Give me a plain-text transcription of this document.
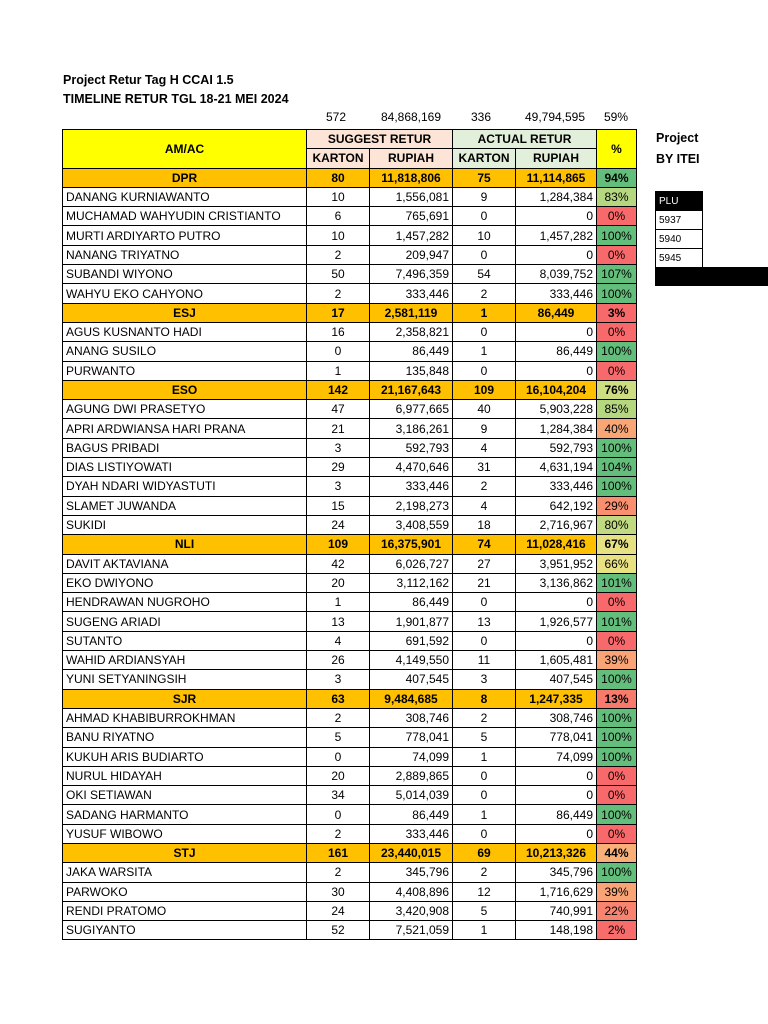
Project Retur Tag H CCAI 1.5
TIMELINE RETUR TGL 18-21 MEI 2024
572	84,868,169	336	49,794,595	59%
AM/AC	SUGGEST RETUR		ACTUAL RETUR		%
	KARTON	RUPIAH	KARTON	RUPIAH	
DPR	80	11,818,806	75	11,114,865	94%
DANANG KURNIAWANTO	10	1,556,081	9	1,284,384	83%
MUCHAMAD WAHYUDIN CRISTIANTO	6	765,691	0	0	0%
MURTI ARDIYARTO PUTRO	10	1,457,282	10	1,457,282	100%
NANANG TRIYATNO	2	209,947	0	0	0%
SUBANDI WIYONO	50	7,496,359	54	8,039,752	107%
WAHYU EKO CAHYONO	2	333,446	2	333,446	100%
ESJ	17	2,581,119	1	86,449	3%
AGUS KUSNANTO HADI	16	2,358,821	0	0	0%
ANANG SUSILO	0	86,449	1	86,449	100%
PURWANTO	1	135,848	0	0	0%
ESO	142	21,167,643	109	16,104,204	76%
AGUNG DWI PRASETYO	47	6,977,665	40	5,903,228	85%
APRI ARDWIANSA HARI PRANA	21	3,186,261	9	1,284,384	40%
BAGUS PRIBADI	3	592,793	4	592,793	100%
DIAS LISTIYOWATI	29	4,470,646	31	4,631,194	104%
DYAH NDARI WIDYASTUTI	3	333,446	2	333,446	100%
SLAMET JUWANDA	15	2,198,273	4	642,192	29%
SUKIDI	24	3,408,559	18	2,716,967	80%
NLI	109	16,375,901	74	11,028,416	67%
DAVIT AKTAVIANA	42	6,026,727	27	3,951,952	66%
EKO DWIYONO	20	3,112,162	21	3,136,862	101%
HENDRAWAN NUGROHO	1	86,449	0	0	0%
SUGENG ARIADI	13	1,901,877	13	1,926,577	101%
SUTANTO	4	691,592	0	0	0%
WAHID ARDIANSYAH	26	4,149,550	11	1,605,481	39%
YUNI SETYANINGSIH	3	407,545	3	407,545	100%
SJR	63	9,484,685	8	1,247,335	13%
AHMAD KHABIBURROKHMAN	2	308,746	2	308,746	100%
BANU RIYATNO	5	778,041	5	778,041	100%
KUKUH ARIS BUDIARTO	0	74,099	1	74,099	100%
NURUL HIDAYAH	20	2,889,865	0	0	0%
OKI SETIAWAN	34	5,014,039	0	0	0%
SADANG HARMANTO	0	86,449	1	86,449	100%
YUSUF WIBOWO	2	333,446	0	0	0%
STJ	161	23,440,015	69	10,213,326	44%
JAKA WARSITA	2	345,796	2	345,796	100%
PARWOKO	30	4,408,896	12	1,716,629	39%
RENDI PRATOMO	24	3,420,908	5	740,991	22%
SUGIYANTO	52	7,521,059	1	148,198	2%
Project
BY ITEI
PLU
5937
5940
5945
